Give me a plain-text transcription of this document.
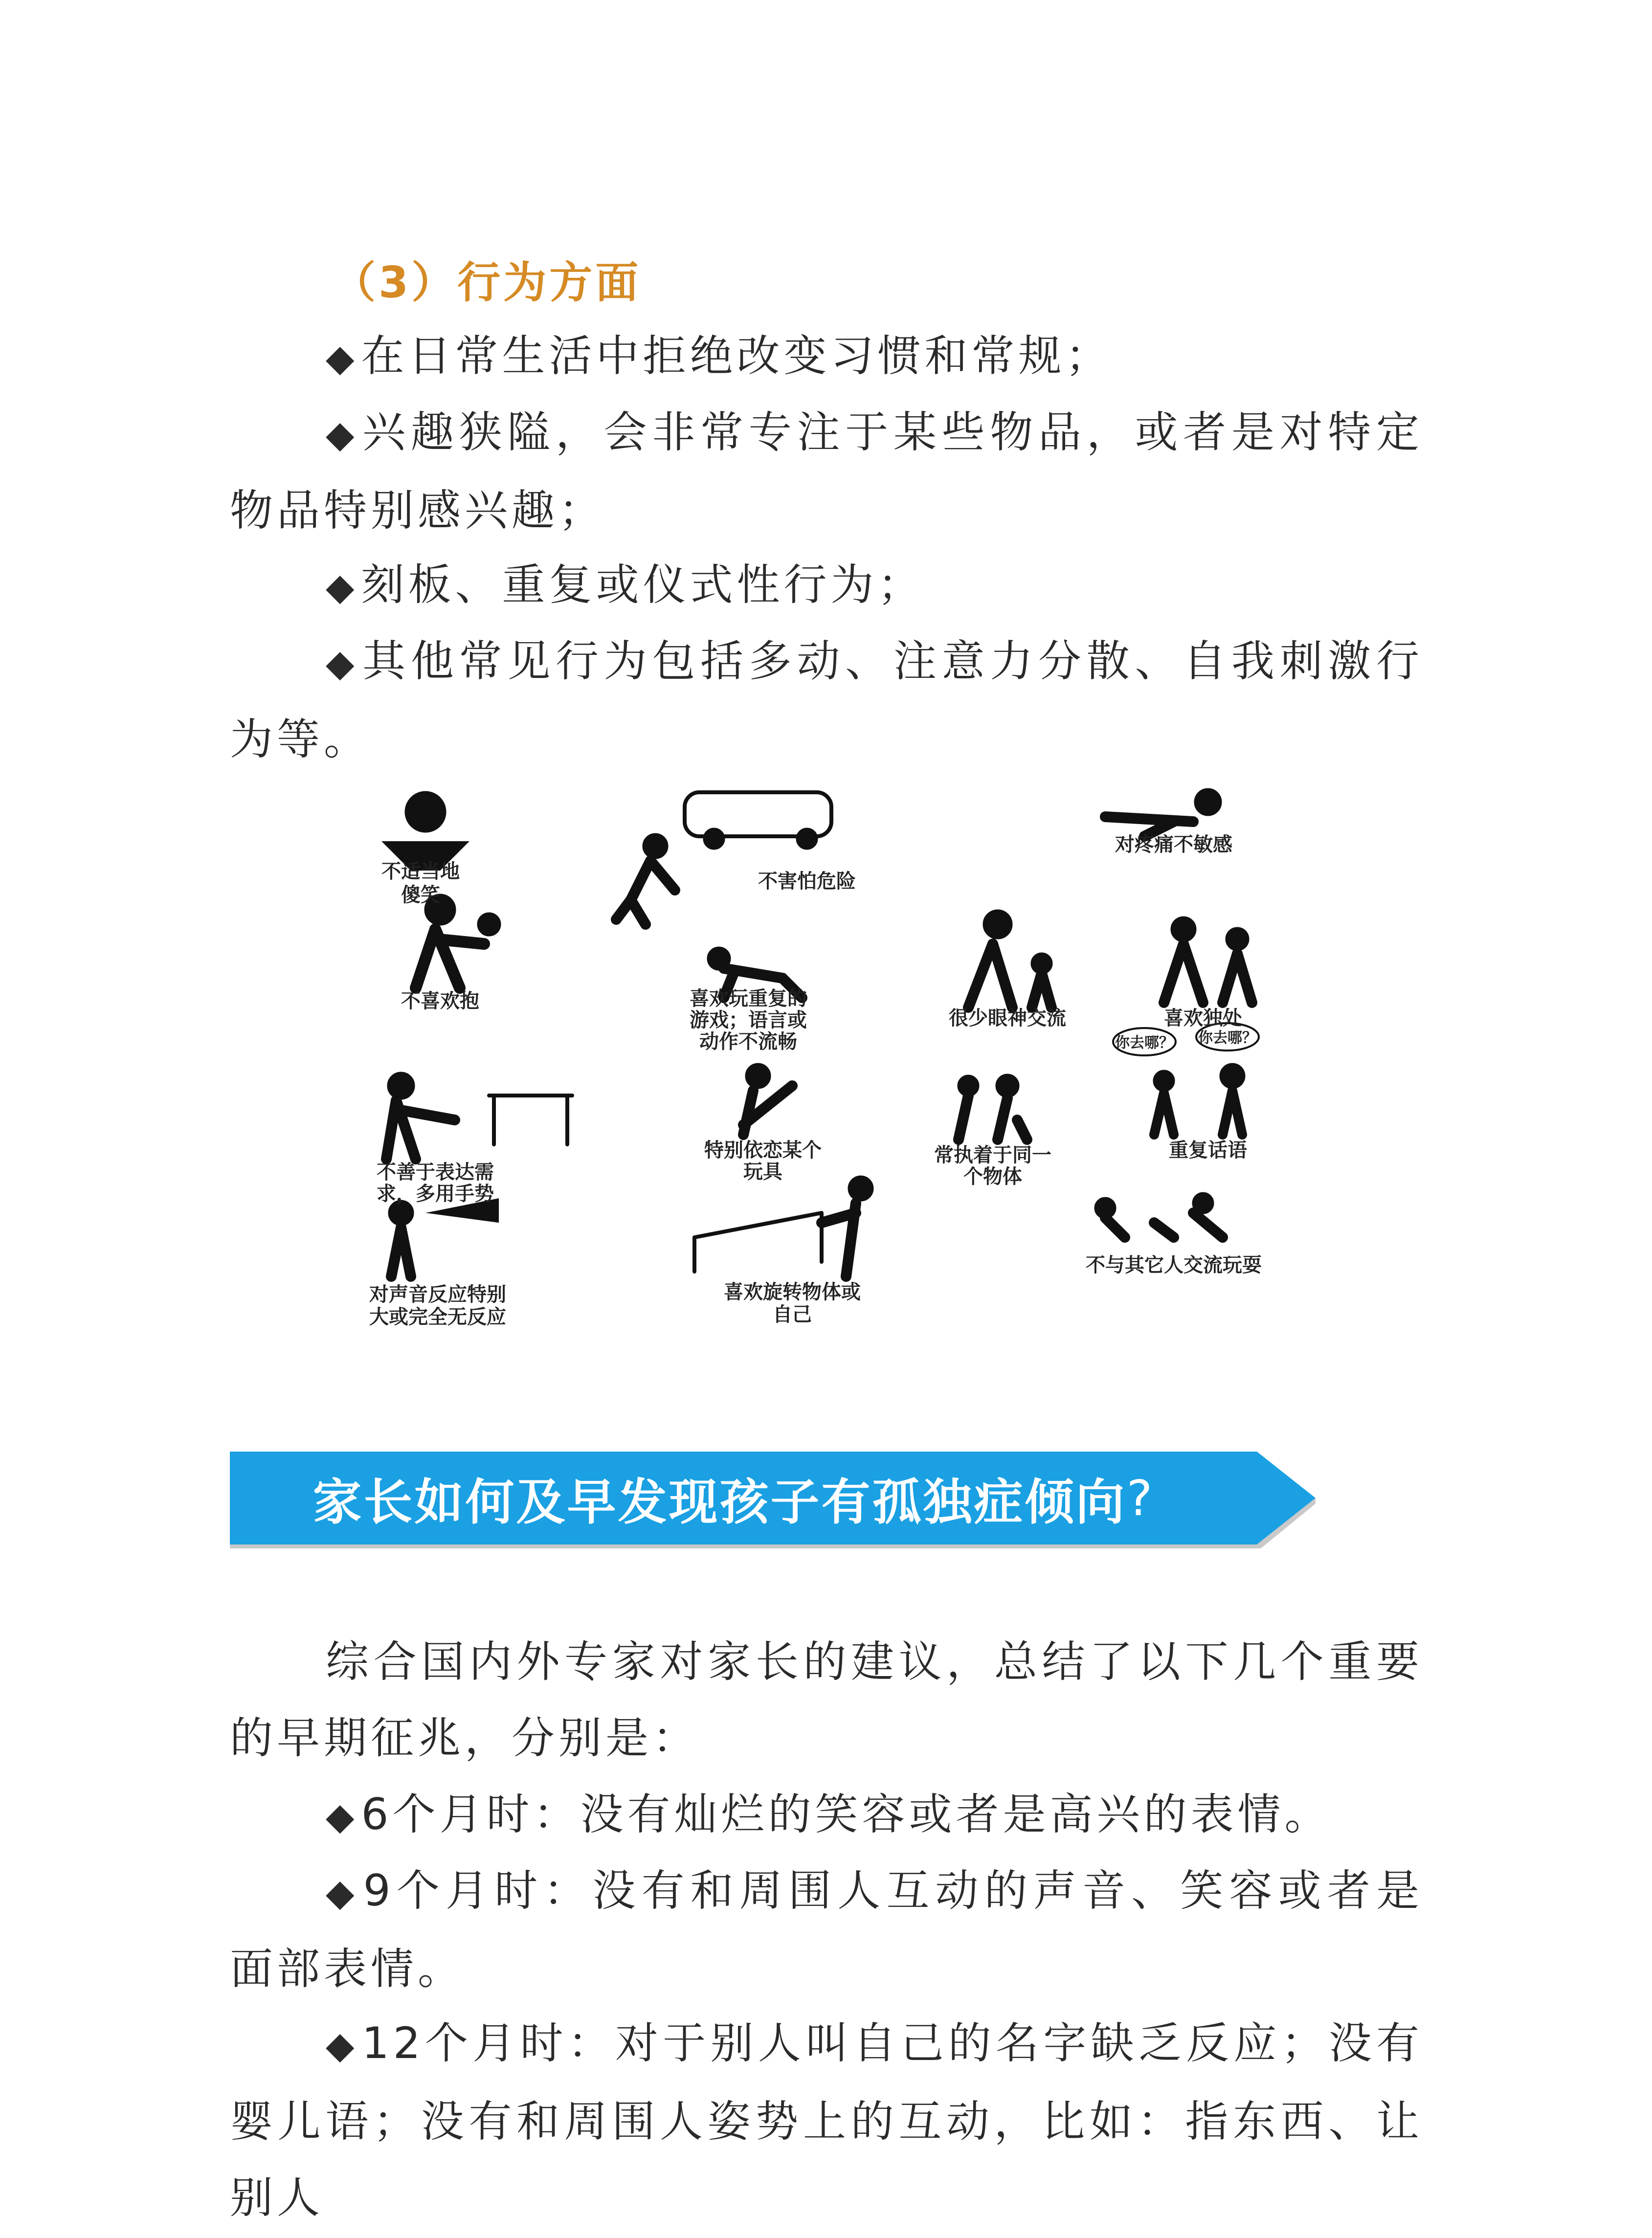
（3）行为方面

◆在日常生活中拒绝改变习惯和常规；

◆兴趣狭隘，会非常专注于某些物品，或者是对特定物品特别感兴趣；

◆刻板、重复或仪式性行为；

◆其他常见行为包括多动、注意力分散、自我刺激行为等。

不适当地傻笑
不害怕危险
对疼痛不敏感
不喜欢抱	喜欢玩重复的游戏；语言或动作不流畅
很少眼神交流	喜欢独处
不善于表达需求，多用手势
特别依恋某个玩具
常执着于同一个物体
重复话语
对声音反应特别大或完全无反应
喜欢旋转物体或自己
不与其它人交流玩耍
你去哪？ 你去哪？
家长如何及早发现孩子有孤独症倾向 ?

综合国内外专家对家长的建议，总结了以下几个重要的早期征兆，分别是：

◆6个月时：没有灿烂的笑容或者是高兴的表情。

◆9个月时：没有和周围人互动的声音、笑容或者是面部表情。

◆12个月时：对于别人叫自己的名字缺乏反应；没有婴儿语；没有和周围人姿势上的互动，比如：指东西、让别人
